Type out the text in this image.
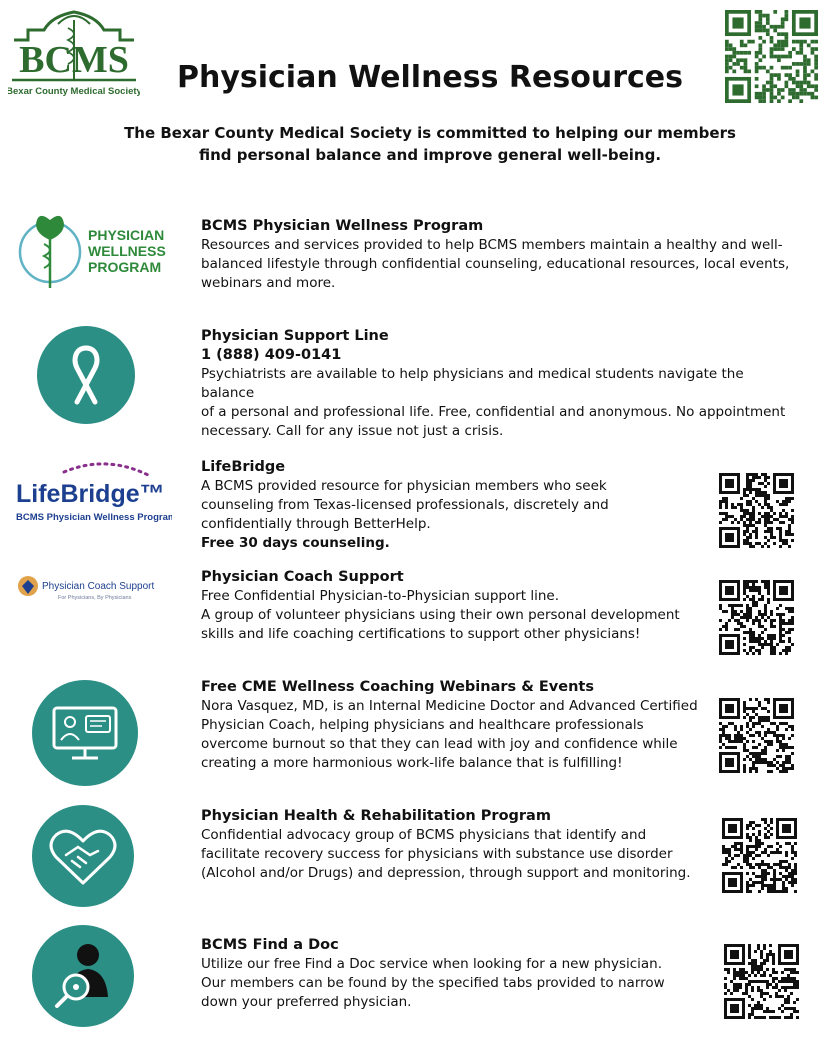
BCMS
Bexar County Medical Society	Physician Wellness Resources

The Bexar County Medical Society is committed to helping our members
find personal balance and improve general well-being.

PHYSICIAN
WELLNESS
PROGRAM

BCMS Physician Wellness Program

Resources and services provided to help BCMS members maintain a healthy and well-

balanced lifestyle through confidential counseling, educational resources, local events,

webinars and more.

Physician Support Line

1 (888) 409-0141

Psychiatrists are available to help physicians and medical students navigate the balance

of a personal and professional life. Free, confidential and anonymous. No appointment

necessary. Call for any issue not just a crisis.

LifeBridge™
BCMS Physician Wellness Program

LifeBridge

A BCMS provided resource for physician members who seek

counseling from Texas-licensed professionals, discretely and

confidentially through BetterHelp.

Free 30 days counseling.

Physician Coach Support
For Physicians, By Physicians

Physician Coach Support

Free Confidential Physician-to-Physician support line.

A group of volunteer physicians using their own personal development

skills and life coaching certifications to support other physicians!

Free CME Wellness Coaching Webinars & Events

Nora Vasquez, MD, is an Internal Medicine Doctor and Advanced Certified

Physician Coach, helping physicians and healthcare professionals

overcome burnout so that they can lead with joy and confidence while

creating a more harmonious work-life balance that is fulfilling!

Physician Health & Rehabilitation Program

Confidential advocacy group of BCMS physicians that identify and

facilitate recovery success for physicians with substance use disorder

(Alcohol and/or Drugs) and depression, through support and monitoring.

BCMS Find a Doc

Utilize our free Find a Doc service when looking for a new physician.

Our members can be found by the specified tabs provided to narrow

down your preferred physician.
